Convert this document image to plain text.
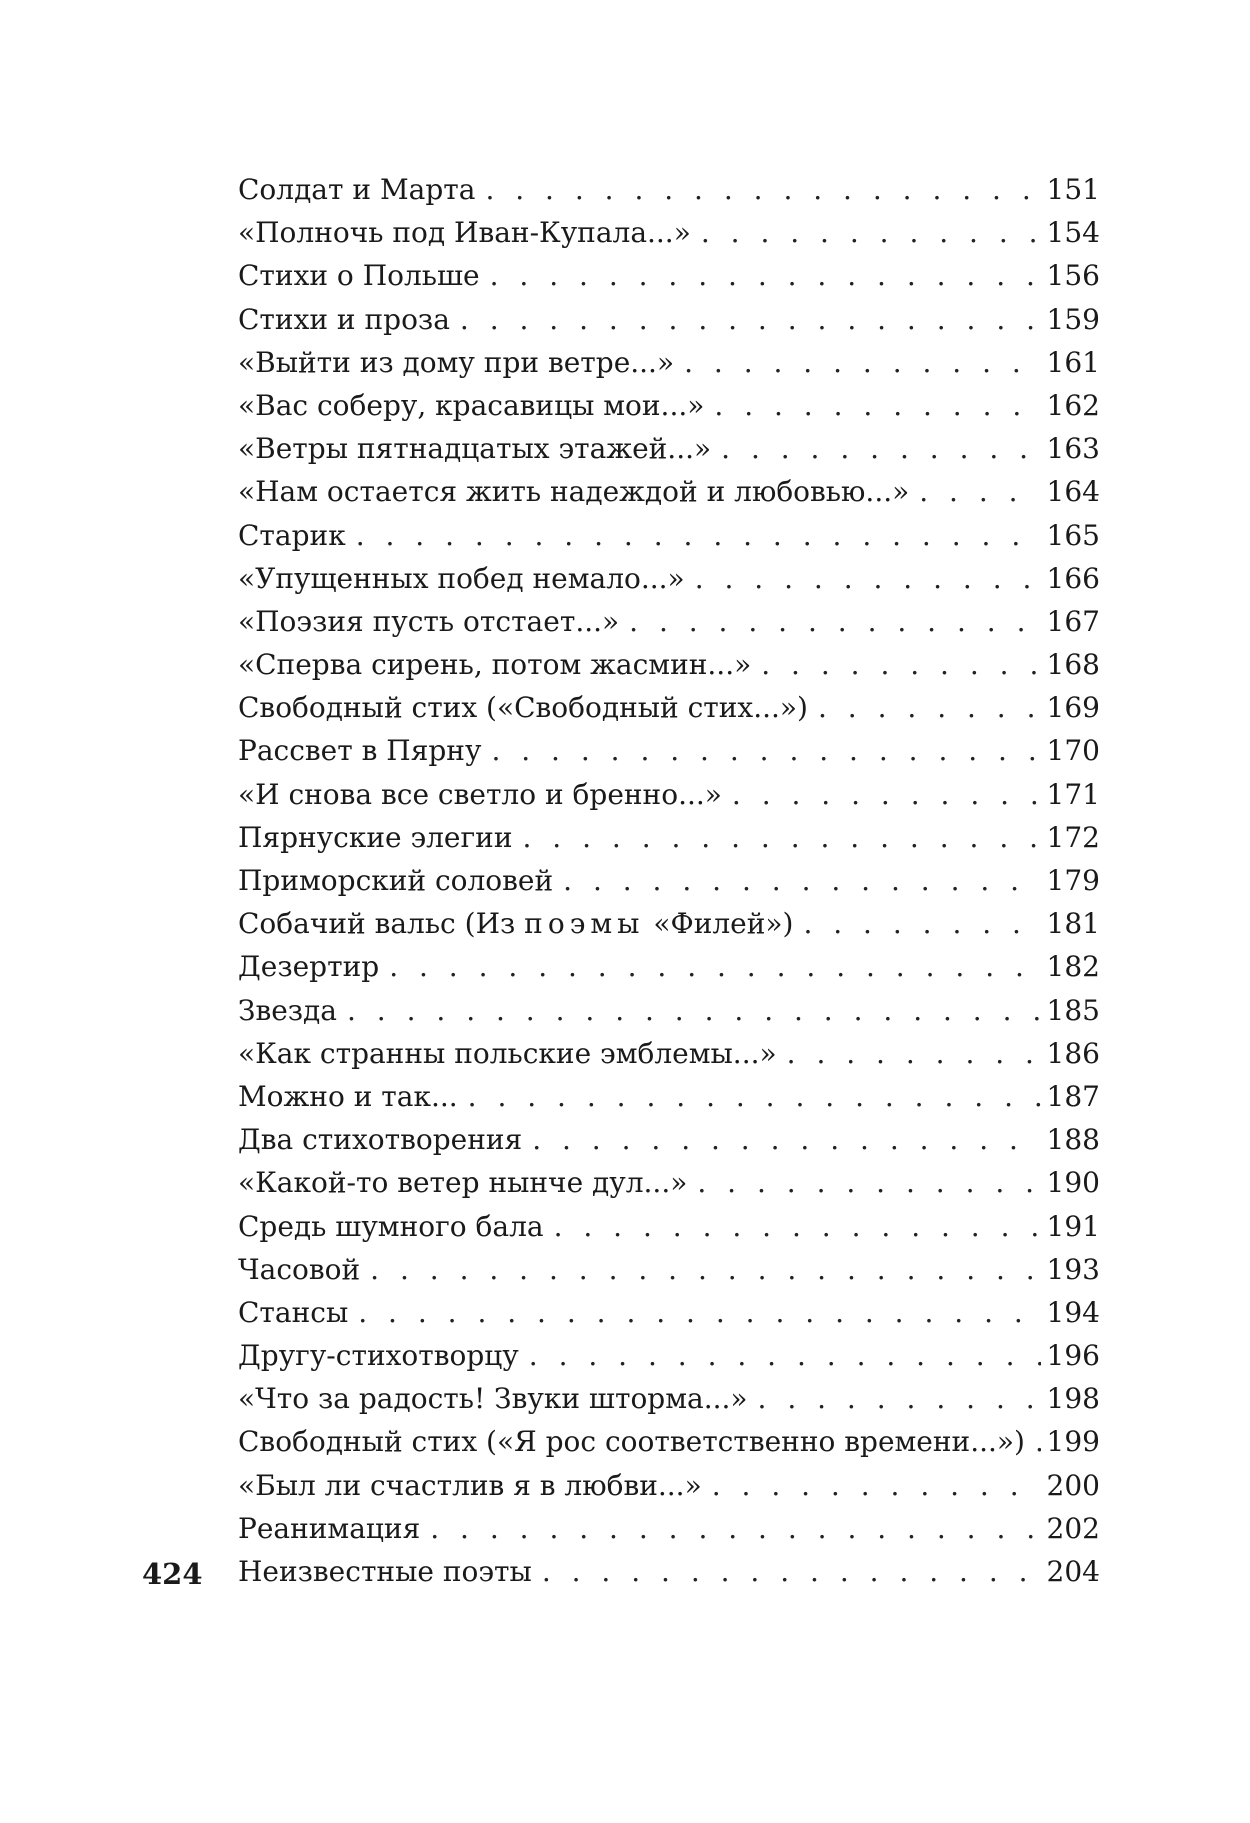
Солдат и Марта . . .	151
«Полночь под Иван-Купала...» . . .	154
Стихи о Польше . . .	156
Стихи и проза . . .	159
«Выйти из дому при ветре...» . . .	161
«Вас соберу, красавицы мои...» . . .	162
«Ветры пятнадцатых этажей...» . . .	163
«Нам остается жить надеждой и любовью...» . . .	164
Старик . . .	165
«Упущенных побед немало...» . . .	166
«Поэзия пусть отстает...» . . .	167
«Сперва сирень, потом жасмин...» . . .	168
Свободный стих («Свободный стих...») . . .	169
Рассвет в Пярну . . .	170
«И снова все светло и бренно...» . . .	171
Пярнуские элегии . . .	172
Приморский соловей . . .	179
Собачий вальс (Из поэмы «Филей») . . .	181
Дезертир . . .	182
Звезда . . .	185
«Как странны польские эмблемы...» . . .	186
Можно и так... . . .	187
Два стихотворения . . .	188
«Какой-то ветер нынче дул...» . . .	190
Средь шумного бала . . .	191
Часовой . . .	193
Стансы . . .	194
Другу-стихотворцу . . .	196
«Что за радость! Звуки шторма...» . . .	198
Свободный стих («Я рос соответственно времени...») . . . 199
«Был ли счастлив я в любви...» . . .	200
Реанимация . . .	202
Неизвестные поэты . . .	204
424
